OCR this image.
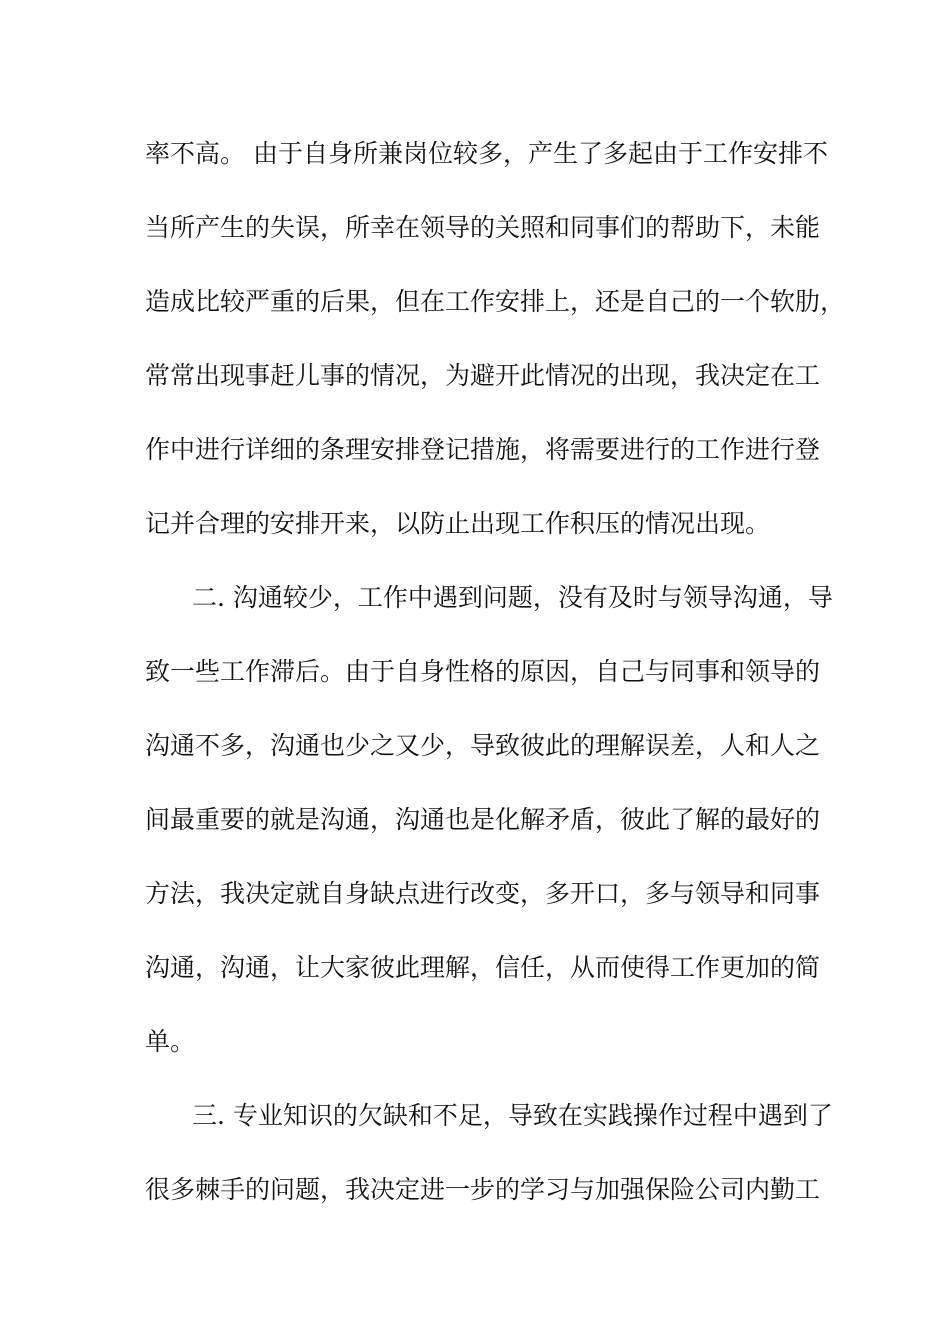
率不高。 由于自身所兼岗位较多，产生了多起由于工作安排不
当所产生的失误，所幸在领导的关照和同事们的帮助下，未能
造成比较严重的后果，但在工作安排上，还是自己的一个软肋，
常常出现事赶儿事的情况，为避开此情况的出现，我决定在工
作中进行详细的条理安排登记措施，将需要进行的工作进行登
记并合理的安排开来，以防止出现工作积压的情况出现。
二. 沟通较少，工作中遇到问题，没有及时与领导沟通，导
致一些工作滞后。由于自身性格的原因，自己与同事和领导的
沟通不多，沟通也少之又少，导致彼此的理解误差，人和人之
间最重要的就是沟通，沟通也是化解矛盾，彼此了解的最好的
方法，我决定就自身缺点进行改变，多开口，多与领导和同事
沟通，沟通，让大家彼此理解，信任，从而使得工作更加的简
单。
三. 专业知识的欠缺和不足，导致在实践操作过程中遇到了
很多棘手的问题，我决定进一步的学习与加强保险公司内勤工
